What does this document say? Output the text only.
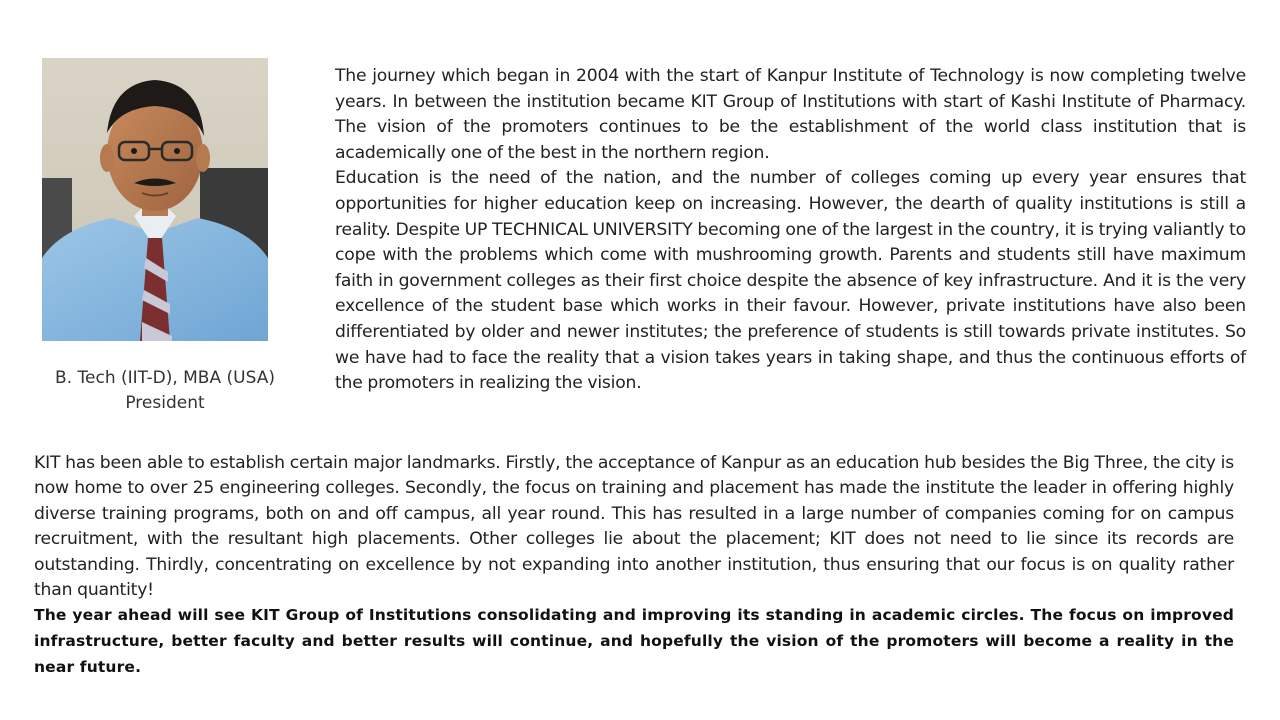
B. Tech (IIT-D), MBA (USA)
President

The journey which began in 2004 with the start of Kanpur Institute of Technology is now completing twelve years. In between the institution became KIT Group of Institutions with start of Kashi Institute of Pharmacy. The vision of the promoters continues to be the establishment of the world class institution that is academically one of the best in the northern region.

Education is the need of the nation, and the number of colleges coming up every year ensures that opportunities for higher education keep on increasing. However, the dearth of quality institutions is still a reality. Despite UP TECHNICAL UNIVERSITY becoming one of the largest in the country, it is trying valiantly to cope with the problems which come with mushrooming growth. Parents and students still have maximum faith in government colleges as their first choice despite the absence of key infrastructure. And it is the very excellence of the student base which works in their favour. However, private institutions have also been differentiated by older and newer institutes; the preference of students is still towards private institutes. So we have had to face the reality that a vision takes years in taking shape, and thus the continuous efforts of the promoters in realizing the vision.

KIT has been able to establish certain major landmarks. Firstly, the acceptance of Kanpur as an education hub besides the Big Three, the city is now home to over 25 engineering colleges. Secondly, the focus on training and placement has made the institute the leader in offering highly diverse training programs, both on and off campus, all year round. This has resulted in a large number of companies coming for on campus recruitment, with the resultant high placements. Other colleges lie about the placement; KIT does not need to lie since its records are outstanding. Thirdly, concentrating on excellence by not expanding into another institution, thus ensuring that our focus is on quality rather than quantity!

The year ahead will see KIT Group of Institutions consolidating and improving its standing in academic circles. The focus on improved infrastructure, better faculty and better results will continue, and hopefully the vision of the promoters will become a reality in the near future.
